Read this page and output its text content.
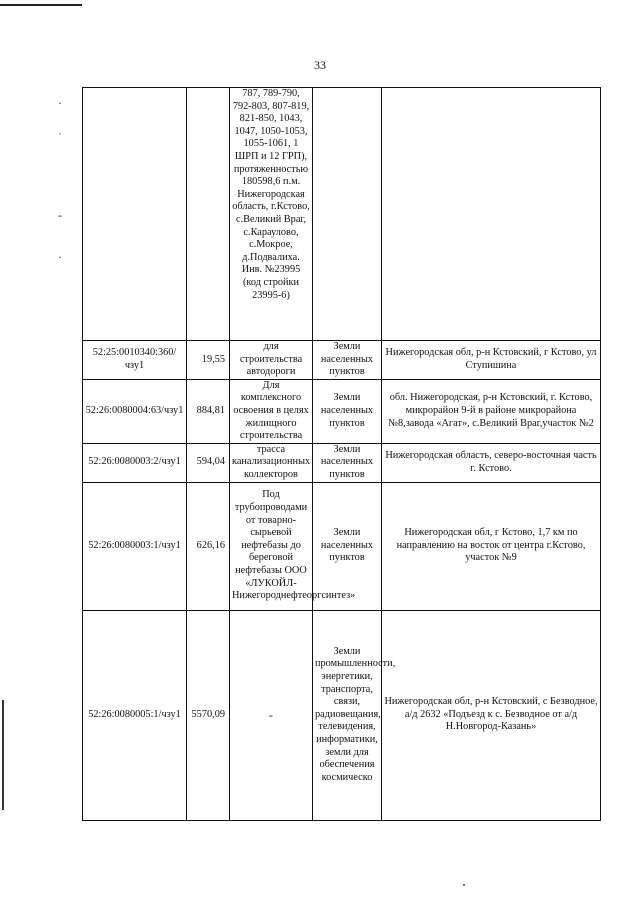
33
·
˙
-
·
		787, 789-790, 792-803, 807-819, 821-850, 1043, 1047, 1050-1053, 1055-1061, 1 ШРП и 12 ГРП), протяженностью 180598,6 п.м. Нижегородская область, г.Кстово, с.Великий Враг, с.Караулово, с.Мокрое, д.Подвалиха. Инв. №23995 (код стройки 23995-6)		
52:25:0010340:360/чзу1	19,55	для строительства автодороги	Земли населенных пунктов	Нижегородская обл, р-н Кстовский, г Кстово, ул Ступишина
52:26:0080004:63/чзу1	884,81	Для комплексного освоения в целях жилищного строительства	Земли населенных пунктов	обл. Нижегородская, р-н Кстовский, г. Кстово, микрорайон 9-й в районе микрорайона №8,завода «Агат», с.Великий Враг,участок №2
52:26:0080003:2/чзу1	594,04	трасса канализационных коллекторов	Земли населенных пунктов	Нижегородская область, северо-восточная часть г. Кстово.
52:26:0080003:1/чзу1	626,16	Под трубопроводами от товарно-сырьевой нефтебазы до береговой нефтебазы ООО «ЛУКОЙЛ-Нижегороднефтеоргсинтез»	Земли населенных пунктов	Нижегородская обл, г Кстово, 1,7 км по направлению на восток от центра г.Кстово, участок №9
52:26:0080005:1/чзу1	5570,09	-	Земли промышленности, энергетики, транспорта, связи, радиовещания, телевидения, информатики, земли для обеспечения космическо	Нижегородская обл, р-н Кстовский, с Безводное, а/д 2632 «Подъезд к с. Безводное от а/д Н.Новгород-Казань»
